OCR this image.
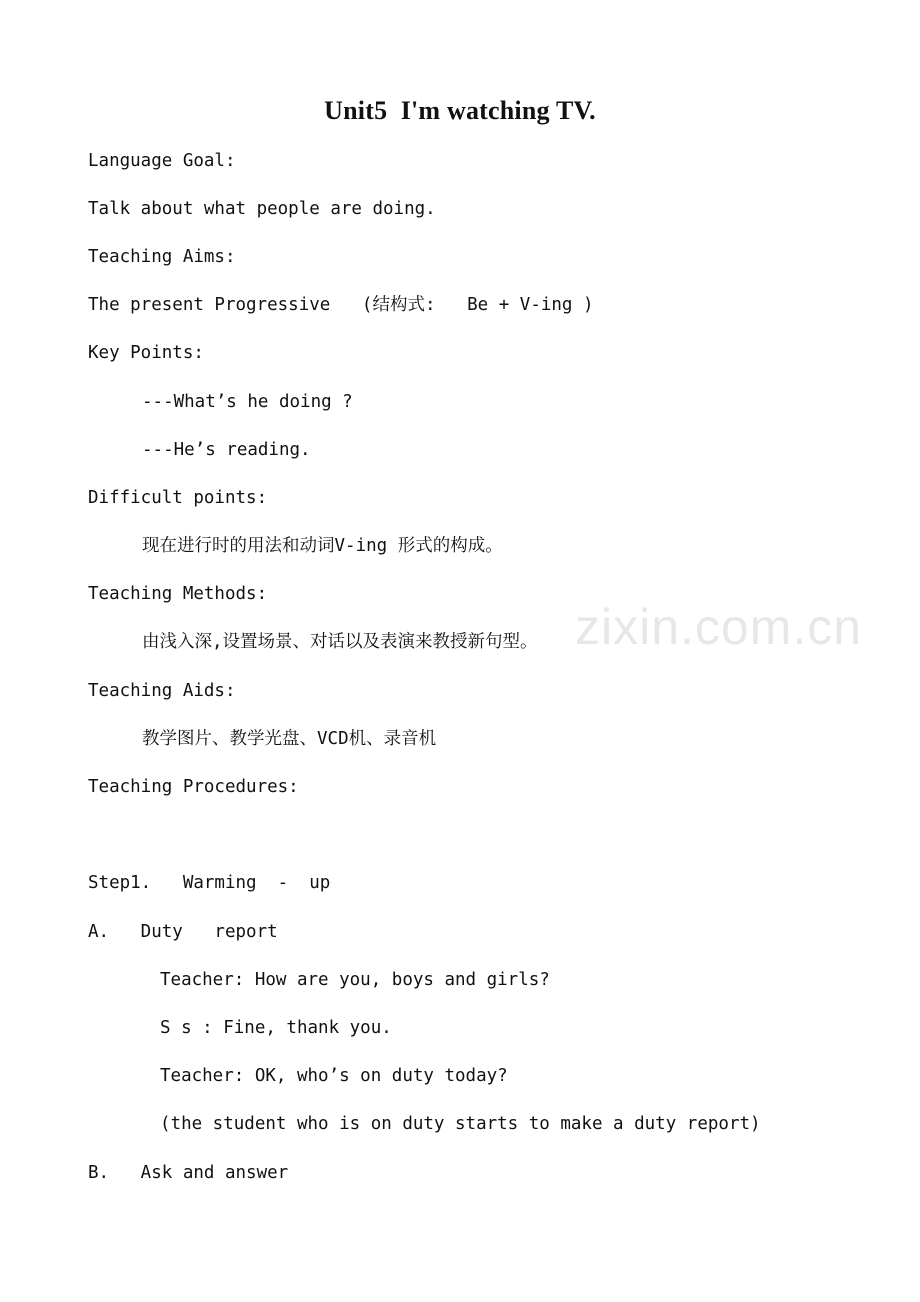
Unit5  I'm watching TV.
Language Goal:
Talk about what people are doing.
Teaching Aims:
The present Progressive   (结构式:   Be + V-ing )
Key Points:
---What’s he doing ?
---He’s reading.
Difficult points:
现在进行时的用法和动词V-ing 形式的构成。
Teaching Methods:
由浅入深,设置场景、对话以及表演来教授新句型。
Teaching Aids:
教学图片、教学光盘、VCD机、录音机
Teaching Procedures:
Step1.   Warming  -  up
A.   Duty   report
Teacher: How are you, boys and girls?
S s : Fine, thank you.
Teacher: OK, who’s on duty today?
(the student who is on duty starts to make a duty report)
B.   Ask and answer
zixin.com.cn
